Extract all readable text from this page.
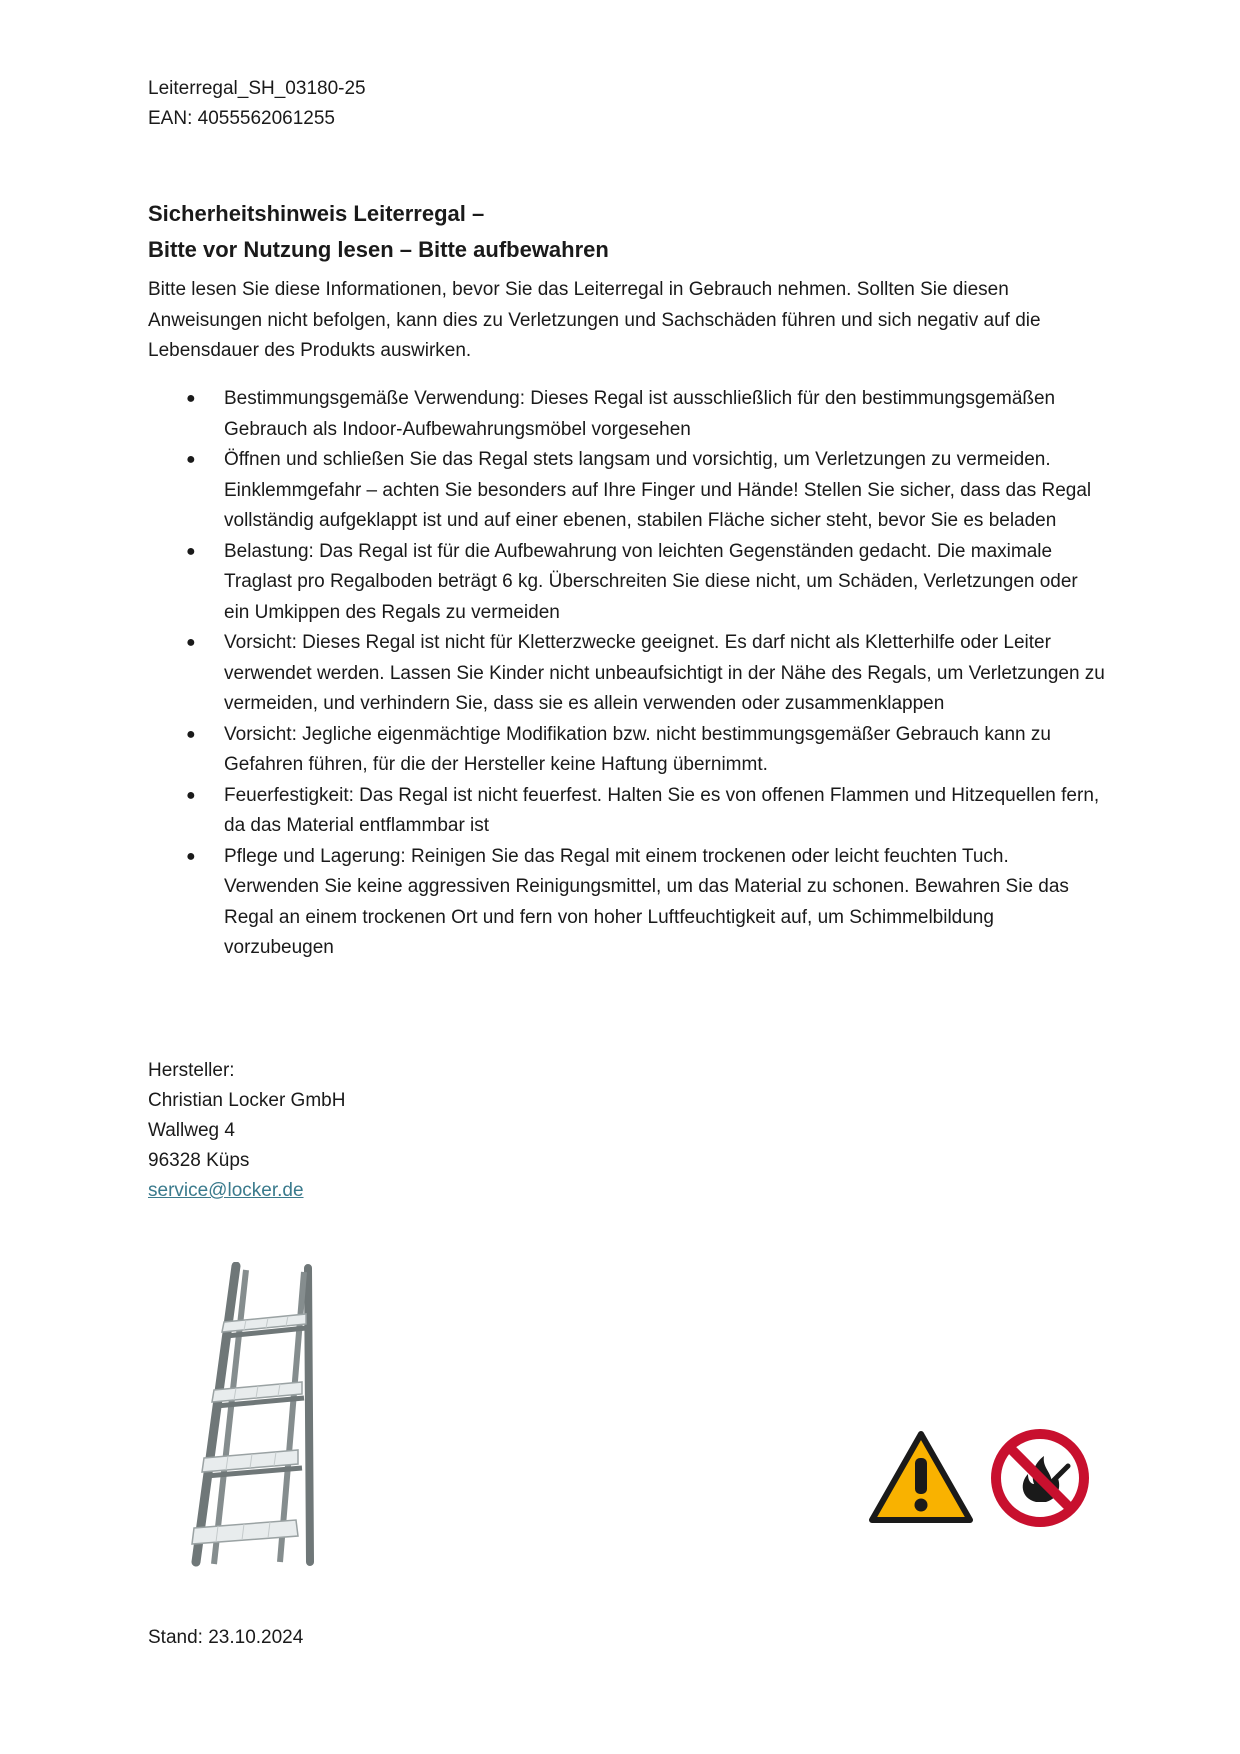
Leiterregal_SH_03180-25
EAN: 4055562061255
Sicherheitshinweis Leiterregal –
Bitte vor Nutzung lesen – Bitte aufbewahren
Bitte lesen Sie diese Informationen, bevor Sie das Leiterregal in Gebrauch nehmen. Sollten Sie diesen Anweisungen nicht befolgen, kann dies zu Verletzungen und Sachschäden führen und sich negativ auf die Lebensdauer des Produkts auswirken.
● Bestimmungsgemäße Verwendung: Dieses Regal ist ausschließlich für den bestimmungsgemäßen Gebrauch als Indoor-Aufbewahrungsmöbel vorgesehen
● Öffnen und schließen Sie das Regal stets langsam und vorsichtig, um Verletzungen zu vermeiden. Einklemmgefahr – achten Sie besonders auf Ihre Finger und Hände! Stellen Sie sicher, dass das Regal vollständig aufgeklappt ist und auf einer ebenen, stabilen Fläche sicher steht, bevor Sie es beladen
● Belastung: Das Regal ist für die Aufbewahrung von leichten Gegenständen gedacht. Die maximale Traglast pro Regalboden beträgt 6 kg. Überschreiten Sie diese nicht, um Schäden, Verletzungen oder ein Umkippen des Regals zu vermeiden
● Vorsicht: Dieses Regal ist nicht für Kletterzwecke geeignet. Es darf nicht als Kletterhilfe oder Leiter verwendet werden. Lassen Sie Kinder nicht unbeaufsichtigt in der Nähe des Regals, um Verletzungen zu vermeiden, und verhindern Sie, dass sie es allein verwenden oder zusammenklappen
● Vorsicht: Jegliche eigenmächtige Modifikation bzw. nicht bestimmungsgemäßer Gebrauch kann zu Gefahren führen, für die der Hersteller keine Haftung übernimmt.
● Feuerfestigkeit: Das Regal ist nicht feuerfest. Halten Sie es von offenen Flammen und Hitzequellen fern, da das Material entflammbar ist
● Pflege und Lagerung: Reinigen Sie das Regal mit einem trockenen oder leicht feuchten Tuch. Verwenden Sie keine aggressiven Reinigungsmittel, um das Material zu schonen. Bewahren Sie das Regal an einem trockenen Ort und fern von hoher Luftfeuchtigkeit auf, um Schimmelbildung vorzubeugen
Hersteller:
Christian Locker GmbH
Wallweg 4
96328 Küps
service@locker.de
Stand: 23.10.2024
